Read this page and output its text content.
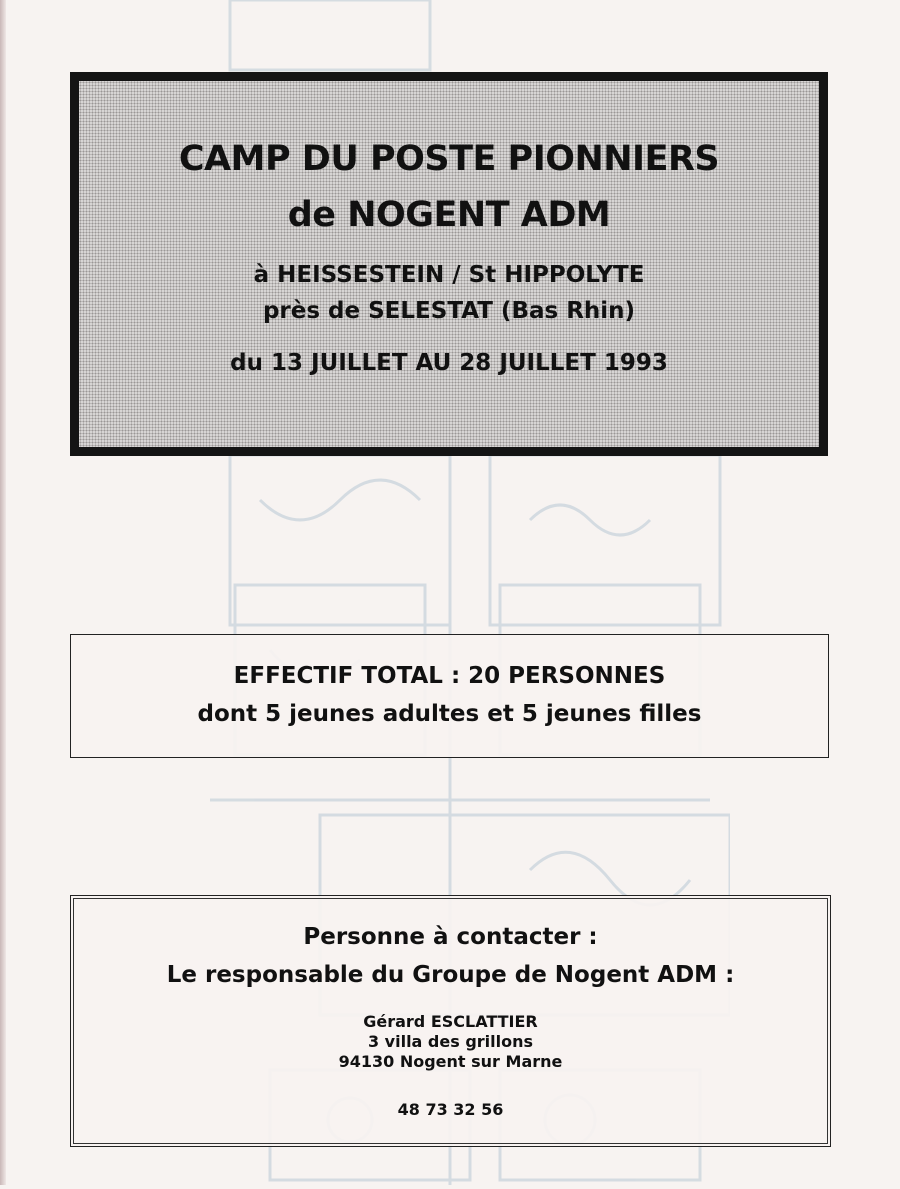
CAMP DU POSTE PIONNIERS
de NOGENT ADM
à HEISSESTEIN / St HIPPOLYTE
près de SELESTAT (Bas Rhin)
du 13 JUILLET AU 28 JUILLET 1993
EFFECTIF TOTAL : 20 PERSONNES
dont 5 jeunes adultes et 5 jeunes filles
Personne à contacter :
Le responsable du Groupe de Nogent ADM :
Gérard ESCLATTIER
3 villa des grillons
94130 Nogent sur Marne
48 73 32 56
